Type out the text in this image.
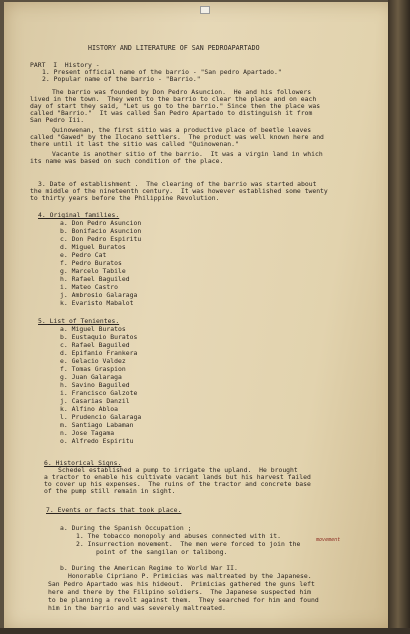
HISTORY AND LITERATURE OF SAN PEDROAPARTADO

PART  I  History -

1. Present official name of the barrio - "San pedro Apartado."

2. Popular name of the barrio - "Barrio."

The barrio was founded by Don Pedro Asuncion.  He and his followers

lived in the town.  They went to the barrio to clear the place and on each

day of start they said, "Let us go to the barrio." Since then the place was

called "Barrio."  It was called San Pedro Apartado to distinguish it from

San Pedro Iii.

Quinowenan, the first sitio was a productive place of beetle leaves

called "Gawed" by the Ilocano settlers.  The product was well known here and

there until it last the sitio was called "Quinowenan."

Vacante is another sitio of the barrio.  It was a virgin land in which

its name was based on such condition of the place.

3. Date of establishment .  The clearing of the barrio was started about

the middle of the nineteenth century.  It was however established some twenty

to thirty years before the Philippine Revolution.

4. Original families.

a. Don Pedro Asuncion

b. Bonifacio Asuncion

c. Don Pedro Espiritu

d. Miguel Buratos

e. Pedro Cat

f. Pedro Buratos

g. Marcelo Tabile

h. Rafael Baguiled

i. Mateo Castro

j. Ambrosio Galaraga

k. Evaristo Mabalot

5. List of Tenientes.

a. Miguel Buratos

b. Eustaquio Buratos

c. Rafael Baguiled

d. Epifanio Frankera

e. Gelacio Valdez

f. Tomas Graspion

g. Juan Galaraga

h. Savino Baguiled

i. Francisco Galzote

j. Casarias Danzil

k. Alfino Abloa

l. Prudencio Galaraga

m. Santiago Labaman

n. Jose Tagama

o. Alfredo Espiritu

6. Historical Signs.

Schedel established a pump to irrigate the upland.  He brought

a tractor to enable his cultivate vacant lands but his harvest failed

to cover up his expenses.  The ruins of the tractor and concrete base

of the pump still remain in sight.

7. Events or facts that took place.

a. During the Spanish Occupation ;

1. The tobacco monopoly and abuses connected with it.

2. Insurrection movement.  The men were forced to join the	movement

point of the sangilan or talibong.

b. During the American Regime to World War II.

Honorable Cipriano P. Primicias was maltreated by the Japanese.

San Pedro Apartado was his hideout.  Primicias gathered the guns left

here and there by the Filipino soldiers.  The Japanese suspected him

to be planning a revolt against them.  They searched for him and found

him in the barrio and was severely maltreated.
